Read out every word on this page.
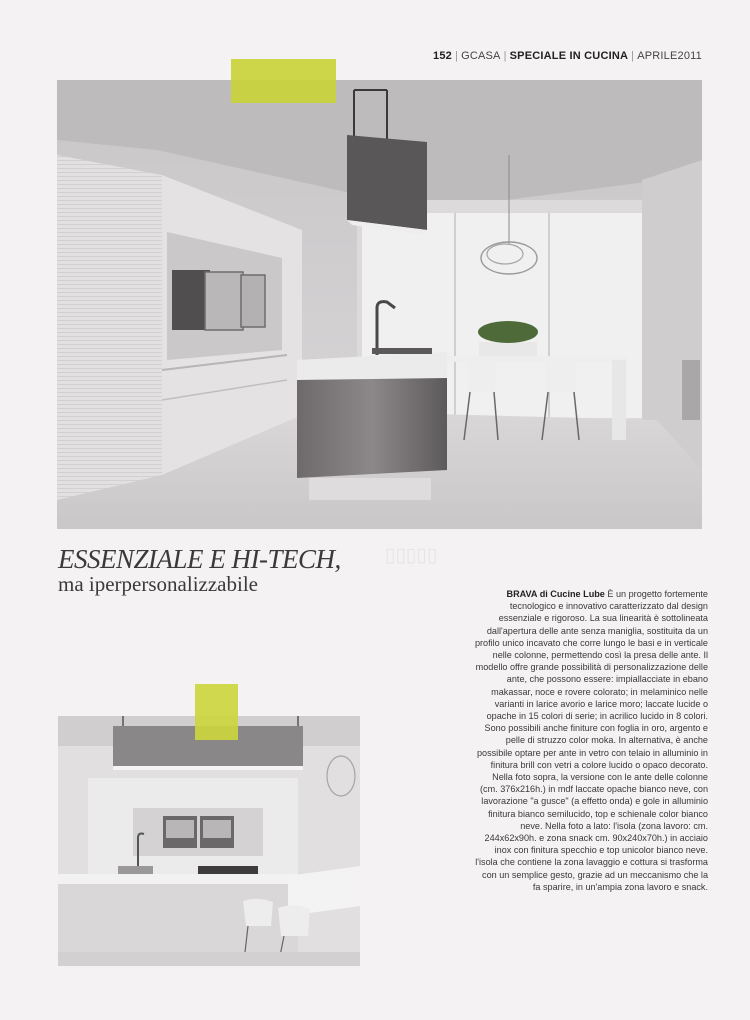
152 | GCASA | SPECIALE IN CUCINA | APRILE2011
▯▯▯▯▯
ESSENZIALE E HI-TECH,
ma iperpersonalizzabile	BRAVA di Cucine Lube È un progetto fortemente tecnologico e innovativo caratterizzato dal design essenziale e rigoroso. La sua linearità è sottolineata dall'apertura delle ante senza maniglia, sostituita da un profilo unico incavato che corre lungo le basi e in verticale nelle colonne, permettendo così la presa delle ante. Il modello offre grande possibilità di personalizzazione delle ante, che possono essere: impiallacciate in ebano makassar, noce e rovere colorato; in melaminico nelle varianti in larice avorio e larice moro; laccate lucide o opache in 15 colori di serie; in acrilico lucido in 8 colori. Sono possibili anche finiture con foglia in oro, argento e pelle di struzzo color moka. In alternativa, è anche possibile optare per ante in vetro con telaio in alluminio in finitura brill con vetri a colore lucido o opaco decorato. Nella foto sopra, la versione con le ante delle colonne (cm. 376x216h.) in mdf laccate opache bianco neve, con lavorazione "a gusce" (a effetto onda) e gole in alluminio finitura bianco semilucido, top e schienale color bianco neve. Nella foto a lato: l'isola (zona lavoro: cm. 244x62x90h. e zona snack cm. 90x240x70h.) in acciaio inox con finitura specchio e top unicolor bianco neve. l'isola che contiene la zona lavaggio e cottura si trasforma con un semplice gesto, grazie ad un meccanismo che la fa sparire, in un'ampia zona lavoro e snack.
